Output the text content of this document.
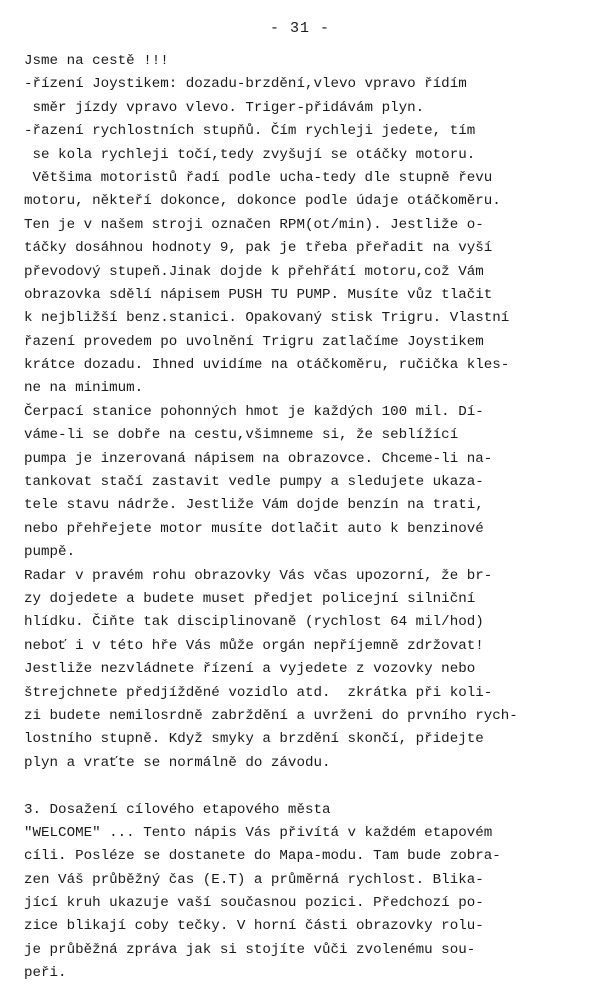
- 31 -
Jsme na cestě !!!
-řízení Joystikem: dozadu-brzdění,vlevo vpravo řídím
směr jízdy vpravo vlevo. Triger-přidávám plyn.
-řazení rychlostních stupňů. Čím rychleji jedete, tím
se kola rychleji točí,tedy zvyšují se otáčky motoru.
Většima motoristů řadí podle ucha-tedy dle stupně řevu
motoru, někteří dokonce, dokonce podle údaje otáčkoměru.
Ten je v našem stroji označen RPM(ot/min). Jestliže o-
táčky dosáhnou hodnoty 9, pak je třeba přeřadit na vyší
převodový stupeň.Jinak dojde k přehřátí motoru,což Vám
obrazovka sdělí nápisem PUSH TU PUMP. Musíte vůz tlačit
k nejbližší benz.stanici. Opakovaný stisk Trigru. Vlastní
řazení provedem po uvolnění Trigru zatlačíme Joystikem
krátce dozadu. Ihned uvidíme na otáčkoměru, ručička kles-
ne na minimum.
Čerpací stanice pohonných hmot je každých 100 mil. Dí-
váme-li se dobře na cestu,všimneme si, že seblížící
pumpa je inzerovaná nápisem na obrazovce. Chceme-li na-
tankovat stačí zastavit vedle pumpy a sledujete ukaza-
tele stavu nádrže. Jestliže Vám dojde benzín na trati,
nebo přehřejete motor musíte dotlačit auto k benzinové
pumpě.
Radar v pravém rohu obrazovky Vás včas upozorní, že br-
zy dojedete a budete muset předjet policejní silniční
hlídku. Čiňte tak disciplinovaně (rychlost 64 mil/hod)
neboť i v této hře Vás může orgán nepříjemně zdržovat!
Jestliže nezvládnete řízení a vyjedete z vozovky nebo
štrejchnete předjížděné vozidlo atd.  zkrátka při koli-
zi budete nemilosrdně zabrždění a uvrženi do prvního rych-
lostního stupně. Když smyky a brzdění skončí, přidejte
plyn a vraťte se normálně do závodu.
3. Dosažení cílového etapového města
"WELCOME" ... Tento nápis Vás přivítá v každém etapovém
cíli. Posléze se dostanete do Mapa-modu. Tam bude zobra-
zen Váš průběžný čas (E.T) a průměrná rychlost. Blika-
jící kruh ukazuje vaší současnou pozici. Předchozí po-
zice blikají coby tečky. V horní části obrazovky rolu-
je průběžná zpráva jak si stojíte vůči zvolenému sou-
peři.
